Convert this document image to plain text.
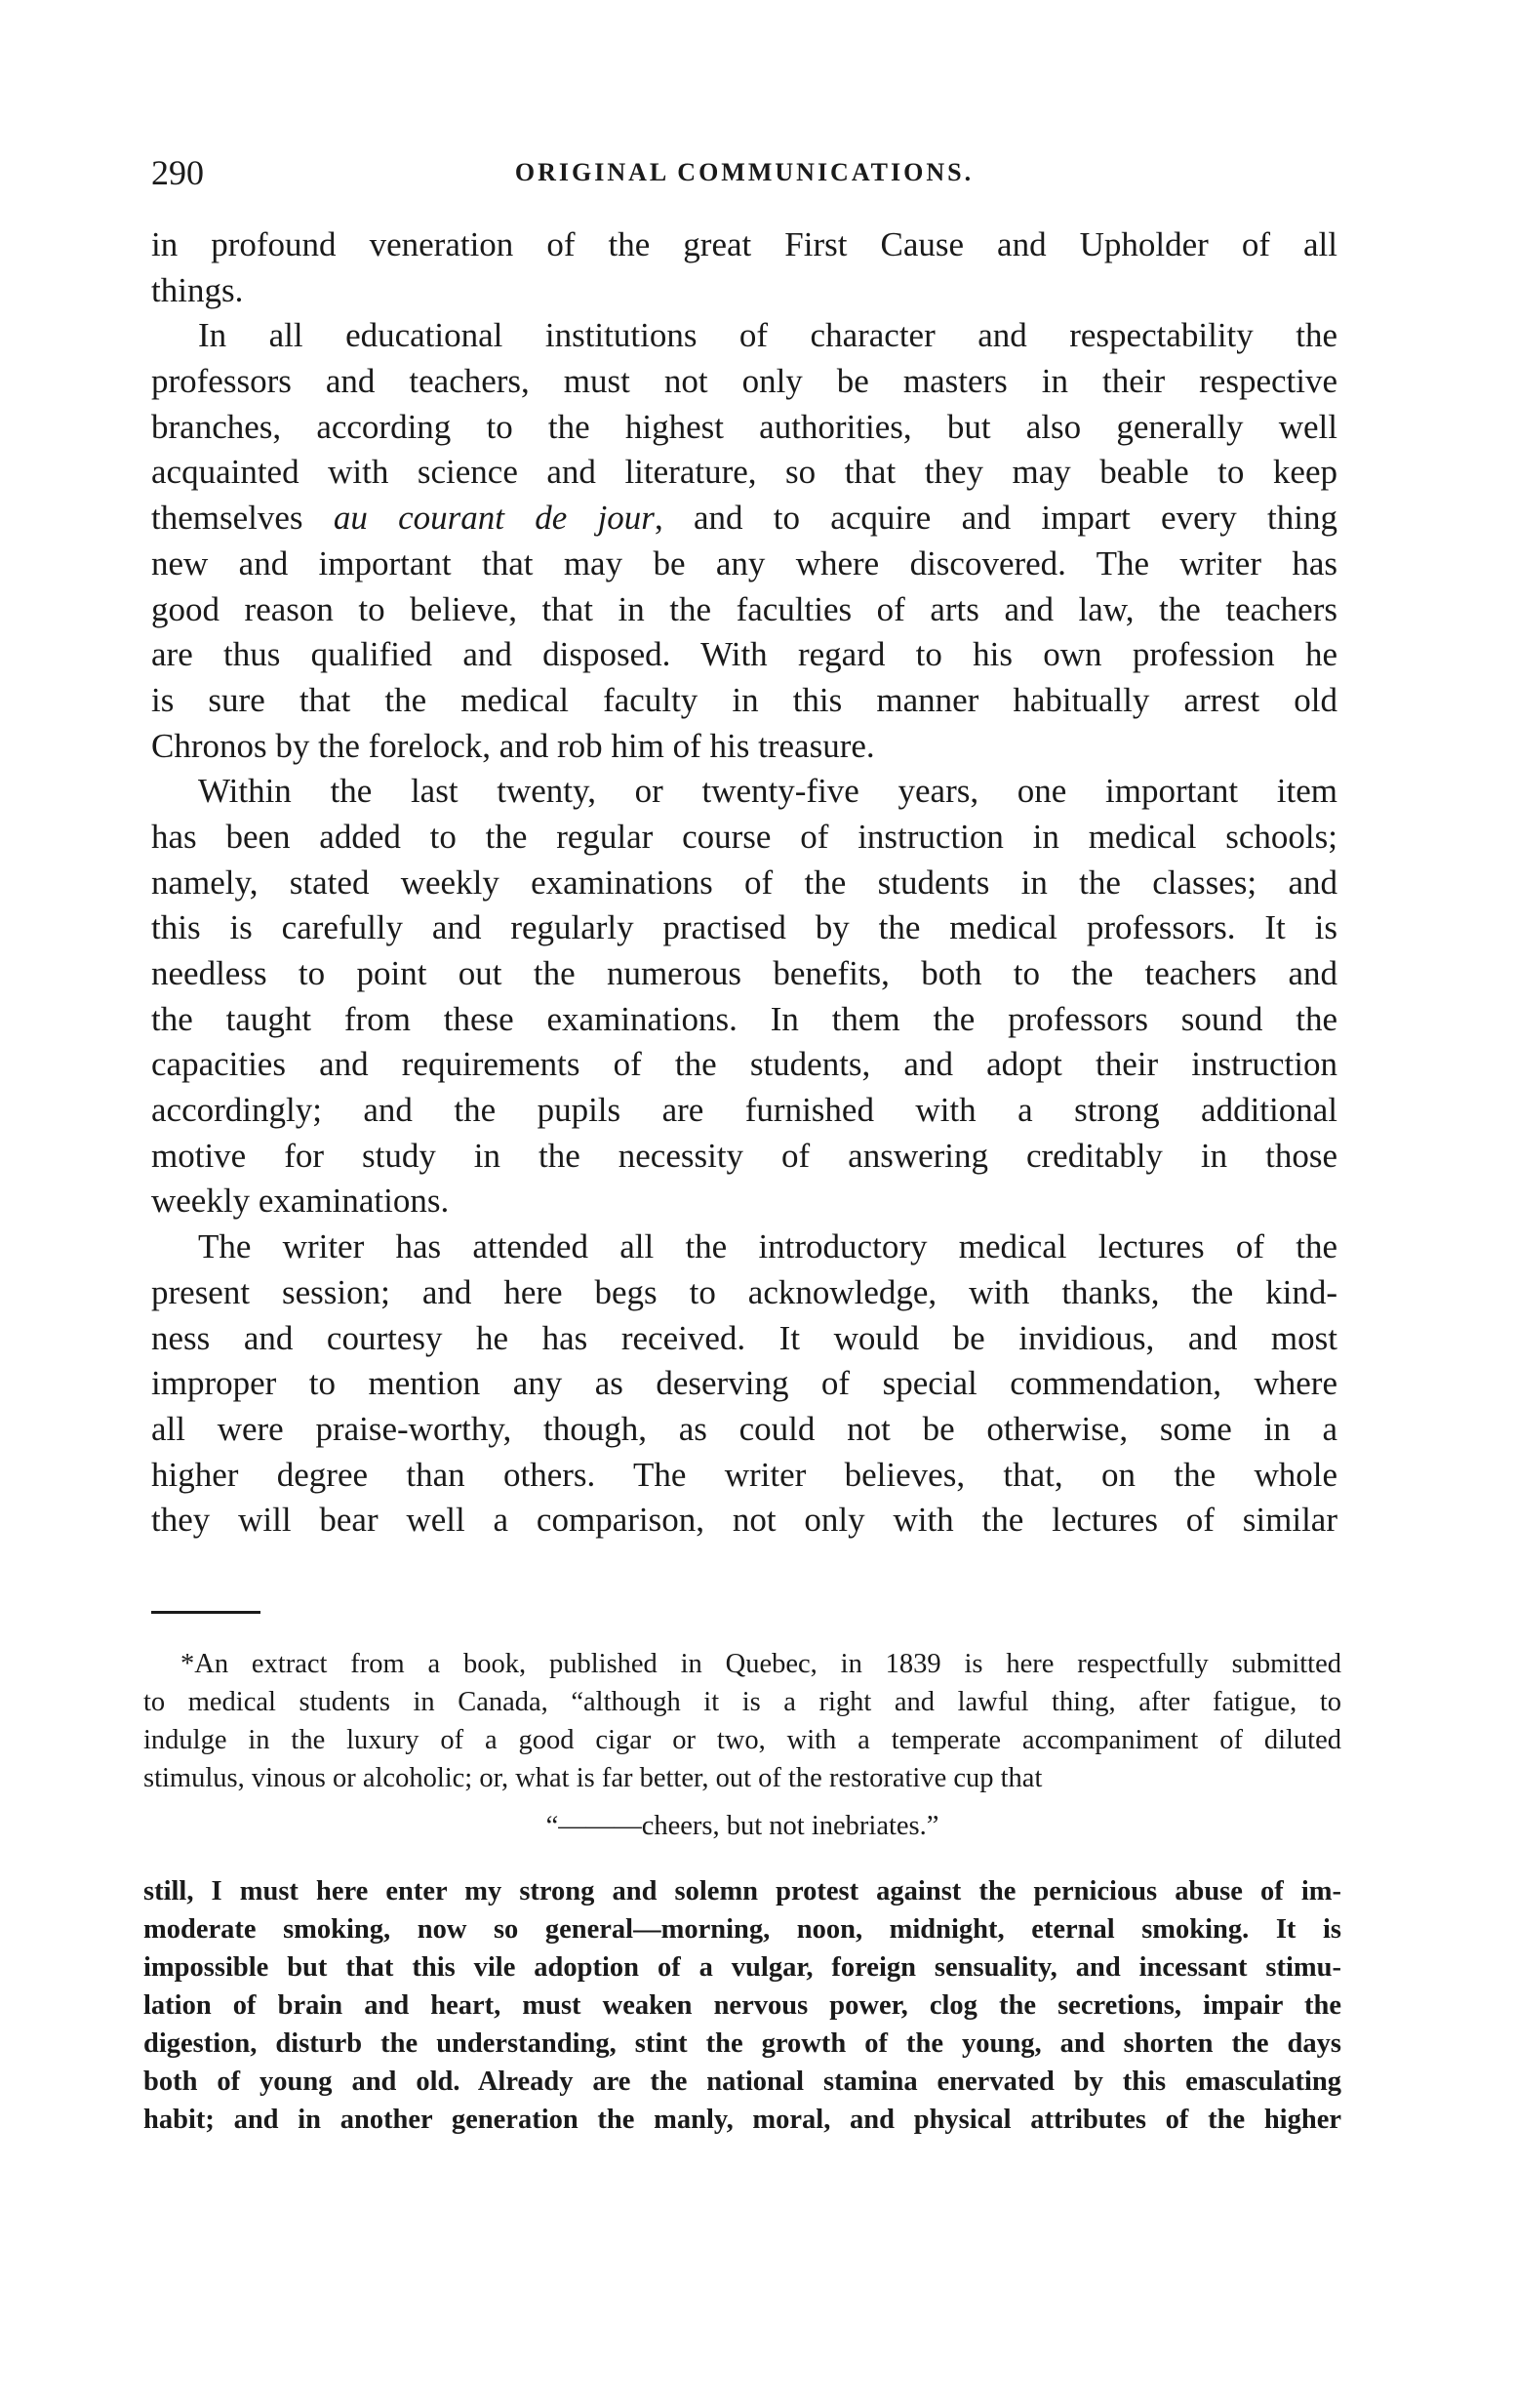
290	ORIGINAL COMMUNICATIONS.
in profound veneration of the great First Cause and Upholder of all
things.
In all educational institutions of character and respectability the
professors and teachers, must not only be masters in their respective
branches, according to the highest authorities, but also generally well
acquainted with science and literature, so that they may beable to keep
themselves au courant de jour, and to acquire and impart every thing
new and important that may be any where discovered. The writer has
good reason to believe, that in the faculties of arts and law, the teachers
are thus qualified and disposed. With regard to his own profession he
is sure that the medical faculty in this manner habitually arrest old
Chronos by the forelock, and rob him of his treasure.
Within the last twenty, or twenty-five years, one important item
has been added to the regular course of instruction in medical schools;
namely, stated weekly examinations of the students in the classes; and
this is carefully and regularly practised by the medical professors. It is
needless to point out the numerous benefits, both to the teachers and
the taught from these examinations. In them the professors sound the
capacities and requirements of the students, and adopt their instruction
accordingly; and the pupils are furnished with a strong additional
motive for study in the necessity of answering creditably in those
weekly examinations.
The writer has attended all the introductory medical lectures of the
present session; and here begs to acknowledge, with thanks, the kind-
ness and courtesy he has received. It would be invidious, and most
improper to mention any as deserving of special commendation, where
all were praise-worthy, though, as could not be otherwise, some in a
higher degree than others. The writer believes, that, on the whole
they will bear well a comparison, not only with the lectures of similar
*An extract from a book, published in Quebec, in 1839 is here respectfully submitted
to medical students in Canada, “although it is a right and lawful thing, after fatigue, to
indulge in the luxury of a good cigar or two, with a temperate accompaniment of diluted
stimulus, vinous or alcoholic; or, what is far better, out of the restorative cup that
“———cheers, but not inebriates.”
still, I must here enter my strong and solemn protest against the pernicious abuse of im-
moderate smoking, now so general—morning, noon, midnight, eternal smoking. It is
impossible but that this vile adoption of a vulgar, foreign sensuality, and incessant stimu-
lation of brain and heart, must weaken nervous power, clog the secretions, impair the
digestion, disturb the understanding, stint the growth of the young, and shorten the days
both of young and old. Already are the national stamina enervated by this emasculating
habit; and in another generation the manly, moral, and physical attributes of the higher
